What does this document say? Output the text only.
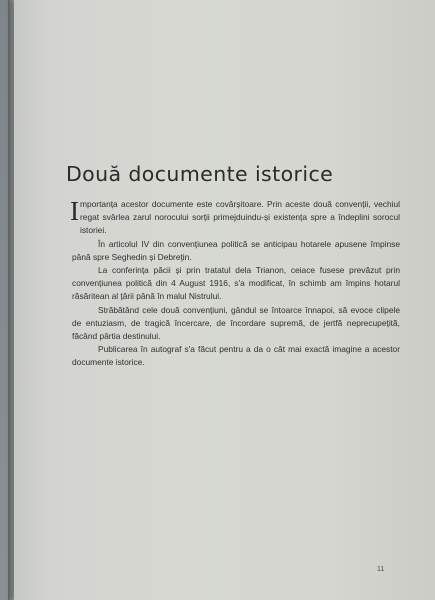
Două documente istorice
I mportanța acestor documente este covârșitoare. Prin aceste două convenții, vechiul regat svârlea zarul norocului sorții primejduindu-și existența spre a îndeplini sorocul istoriei.

În articolul IV din convențiunea politică se anticipau hotarele apusene împinse până spre Seghedin și Debreţin.

La conferința păcii și prin tratatul dela Trianon, ceiace fusese prevăzut prin convențiunea politică din 4 August 1916, s'a modificat, în schimb am împins hotarul răsăritean al țării până în malul Nistrului.

Străbătând cele două convențiuni, gândul se întoarce înnapoi, să evoce clipele de entuziasm, de tragică încercare, de încordare supremă, de jertfă neprecupețită, făcând pârtia destinului.

Publicarea în autograf s'a făcut pentru a da o cât mai exactă imagine a acestor documente istorice.

11
